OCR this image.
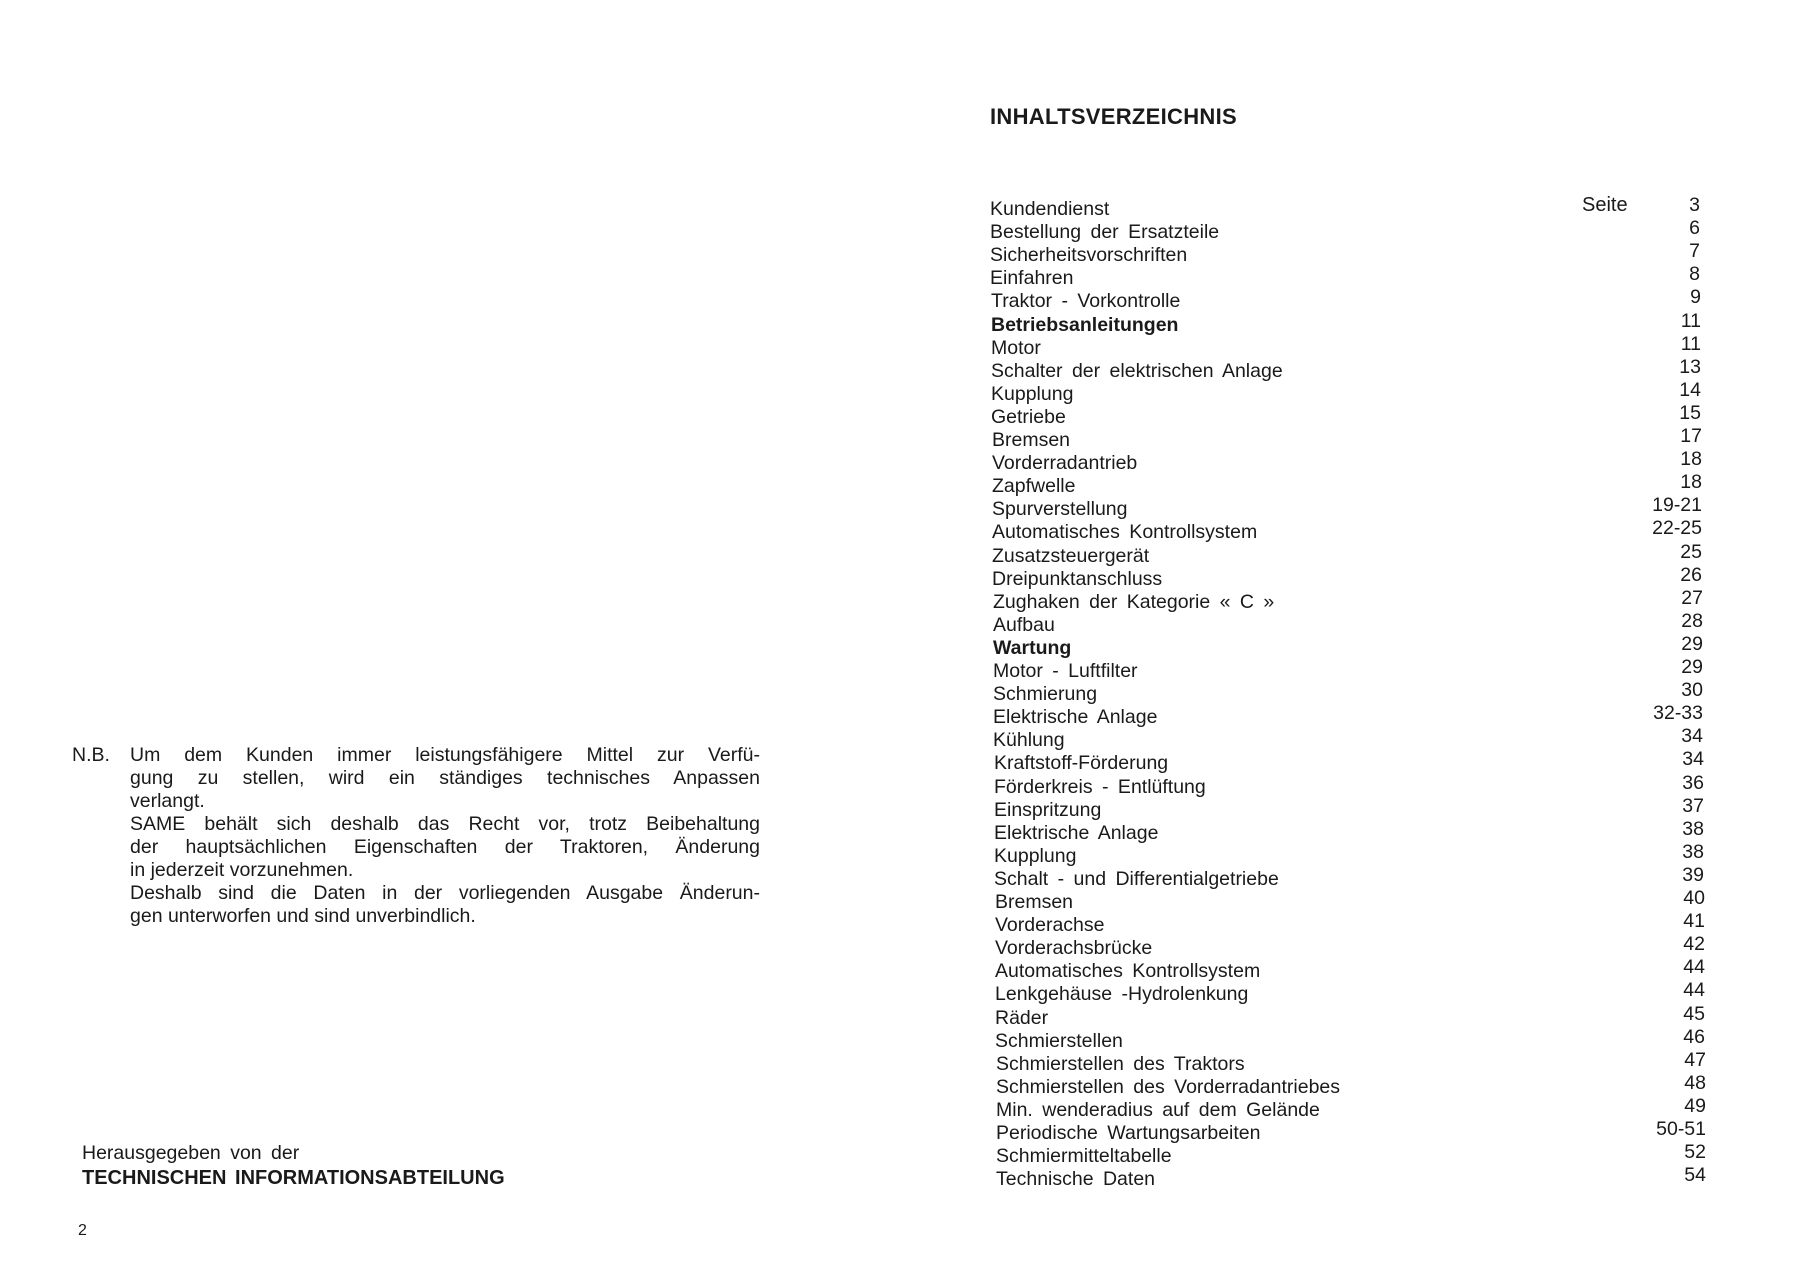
N.B. Um dem Kunden immer leistungsfähigere Mittel zur Verfü-
gung zu stellen, wird ein ständiges technisches Anpassen
verlangt.
SAME behält sich deshalb das Recht vor, trotz Beibehaltung
der hauptsächlichen Eigenschaften der Traktoren, Änderung
in jederzeit vorzunehmen.
Deshalb sind die Daten in der vorliegenden Ausgabe Änderun-
gen unterworfen und sind unverbindlich.
Herausgegeben von der
TECHNISCHEN INFORMATIONSABTEILUNG
2
INHALTSVERZEICHNIS
Seite
Kundendienst	3
Bestellung der Ersatzteile	6
Sicherheitsvorschriften	7
Einfahren	8
Traktor - Vorkontrolle	9
Betriebsanleitungen	11
Motor	11
Schalter der elektrischen Anlage	13
Kupplung	14
Getriebe	15
Bremsen	17
Vorderradantrieb	18
Zapfwelle	18
Spurverstellung	19-21
Automatisches Kontrollsystem	22-25
Zusatzsteuergerät	25
Dreipunktanschluss	26
Zughaken der Kategorie « C »	27
Aufbau	28
Wartung	29
Motor - Luftfilter	29
Schmierung	30
Elektrische Anlage	32-33
Kühlung	34
Kraftstoff-Förderung	34
Förderkreis - Entlüftung	36
Einspritzung	37
Elektrische Anlage	38
Kupplung	38
Schalt - und Differentialgetriebe	39
Bremsen	40
Vorderachse	41
Vorderachsbrücke	42
Automatisches Kontrollsystem	44
Lenkgehäuse -Hydrolenkung	44
Räder	45
Schmierstellen	46
Schmierstellen des Traktors	47
Schmierstellen des Vorderradantriebes	48
Min. wenderadius auf dem Gelände	49
Periodische Wartungsarbeiten	50-51
Schmiermitteltabelle	52
Technische Daten	54
